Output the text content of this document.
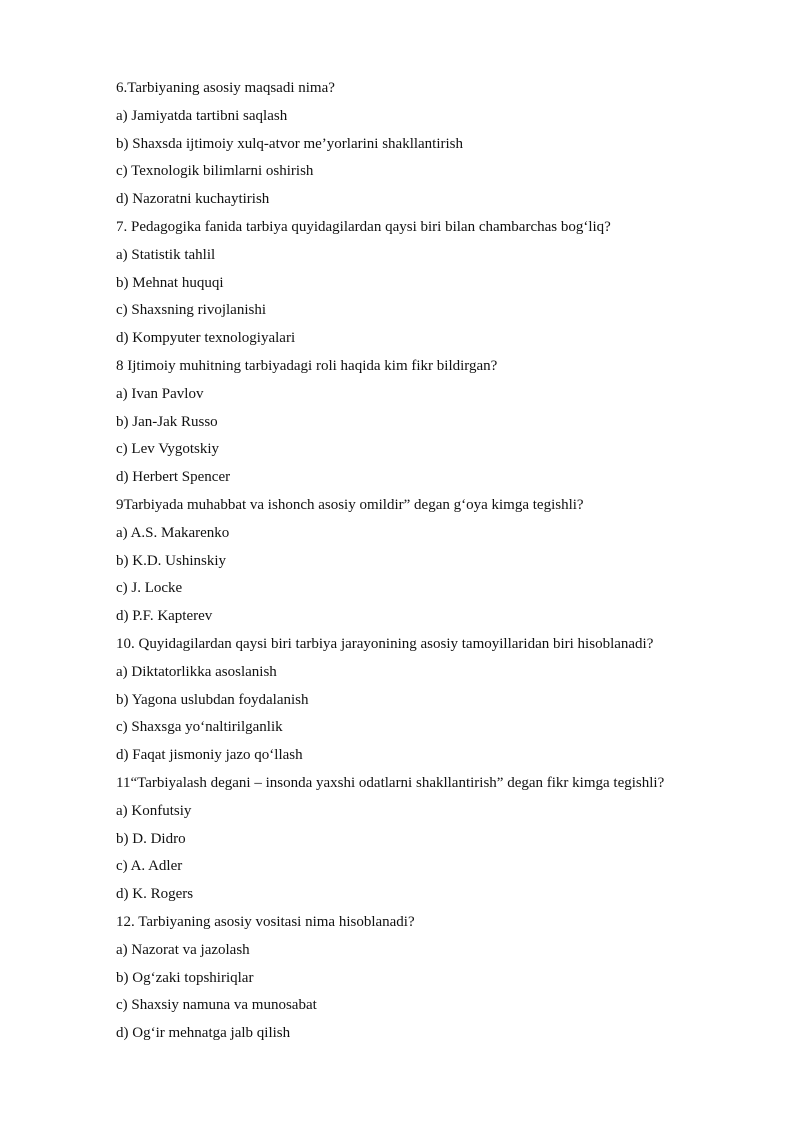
6.Tarbiyaning asosiy maqsadi nima?
a) Jamiyatda tartibni saqlash
b) Shaxsda ijtimoiy xulq-atvor me’yorlarini shakllantirish
c) Texnologik bilimlarni oshirish
d) Nazoratni kuchaytirish
7. Pedagogika fanida tarbiya quyidagilardan qaysi biri bilan chambarchas bog‘liq?
a) Statistik tahlil
b) Mehnat huquqi
c) Shaxsning rivojlanishi
d) Kompyuter texnologiyalari
8 Ijtimoiy muhitning tarbiyadagi roli haqida kim fikr bildirgan?
a) Ivan Pavlov
b) Jan-Jak Russo
c) Lev Vygotskiy
d) Herbert Spencer
9Tarbiyada muhabbat va ishonch asosiy omildir” degan g‘oya kimga tegishli?
a) A.S. Makarenko
b) K.D. Ushinskiy
c) J. Locke
d) P.F. Kapterev
10. Quyidagilardan qaysi biri tarbiya jarayonining asosiy tamoyillaridan biri hisoblanadi?
a) Diktatorlikka asoslanish
b) Yagona uslubdan foydalanish
c) Shaxsga yo‘naltirilganlik
d) Faqat jismoniy jazo qo‘llash
11“Tarbiyalash degani – insonda yaxshi odatlarni shakllantirish” degan fikr kimga tegishli?
a) Konfutsiy
b) D. Didro
c) A. Adler
d) K. Rogers
12. Tarbiyaning asosiy vositasi nima hisoblanadi?
a) Nazorat va jazolash
b) Og‘zaki topshiriqlar
c) Shaxsiy namuna va munosabat
d) Og‘ir mehnatga jalb qilish
